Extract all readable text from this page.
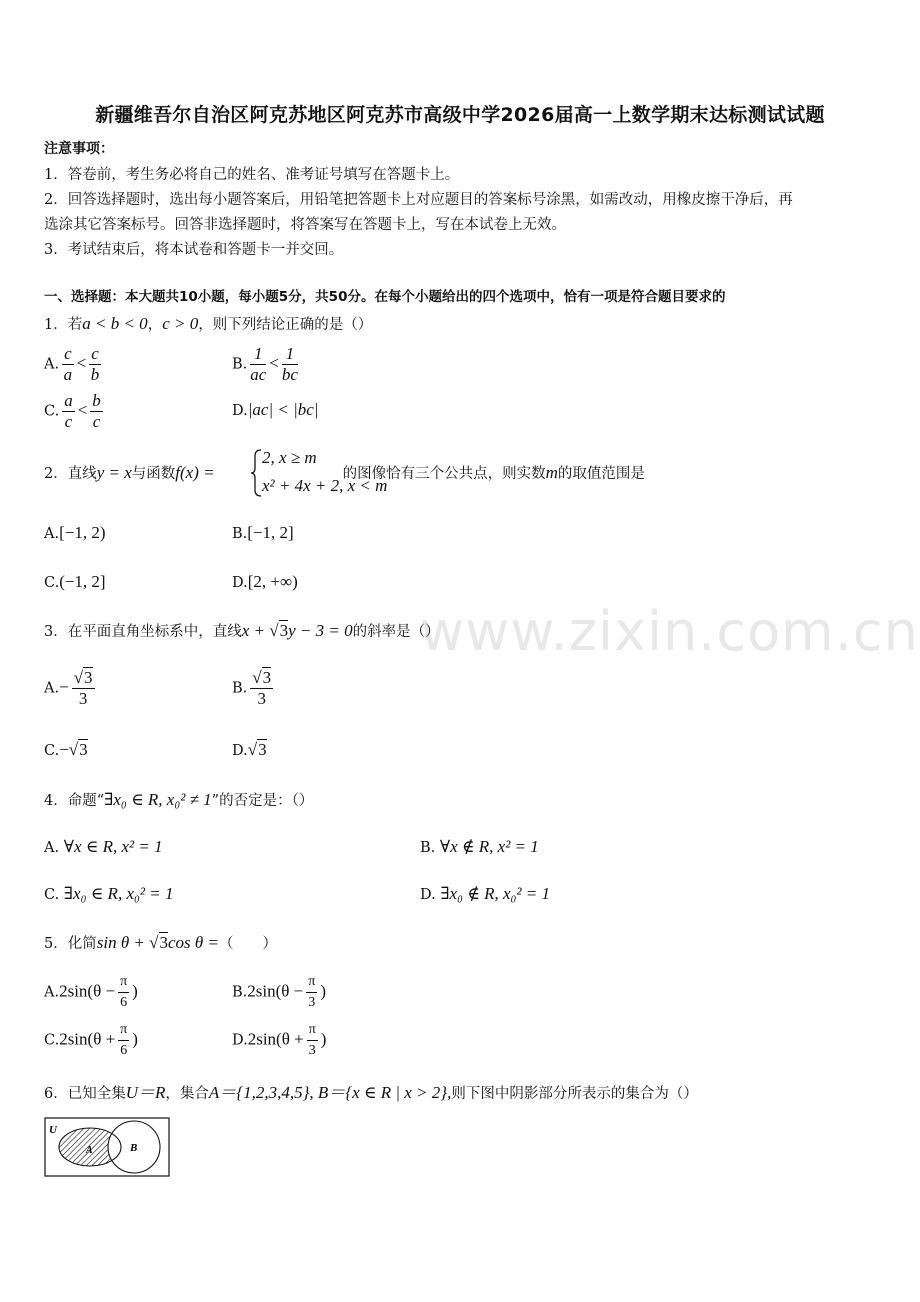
www.zixin.com.cn
新疆维吾尔自治区阿克苏地区阿克苏市高级中学2026届高一上数学期末达标测试试题
注意事项：
1．答卷前，考生务必将自己的姓名、准考证号填写在答题卡上。
2．回答选择题时，选出每小题答案后，用铅笔把答题卡上对应题目的答案标号涂黑，如需改动，用橡皮擦干净后，再
选涂其它答案标号。回答非选择题时，将答案写在答题卡上，写在本试卷上无效。
3．考试结束后，将本试卷和答题卡一并交回。
一、选择题：本大题共10小题，每小题5分，共50分。在每个小题给出的四个选项中，恰有一项是符合题目要求的
1．若a < b < 0，c > 0，则下列结论正确的是（）
A. $\frac{c}{a} < \frac{c}{b}$	B. $\frac{1}{ac} < \frac{1}{bc}$
C. $\frac{a}{c} < \frac{b}{c}$	D.|ac| < |bc|
2．直线y = x与函数f(x) =	的图像恰有三个公共点，则实数m的取值范围是
2, x ≥ m
x² + 4x + 2, x < m
A.[−1, 2)	B.[−1, 2]
C.(−1, 2]	D.[2, +∞)
3．在平面直角坐标系中，直线x + √3y − 3 = 0的斜率是（）
$A.- \frac{√3}{3}$	B. $\frac{√3}{3}$
C.−√3	D.√3
4．命题“∃x₀ ∈ R, x₀² ≠ 1”的否定是：（）
A. ∀x ∈ R, x² = 1	B. ∀x ∉ R, x² = 1
C. ∃x₀ ∈ R, x₀² = 1	D. ∃x₀ ∉ R, x₀² = 1
5．化简sin θ + √3cos θ =（　　）
$A.2\sin(\theta - \frac{\pi}{6}$ )	$B.2\sin(\theta - \frac{\pi}{3}$ )
$C.2\sin(\theta + \frac{\pi}{6}$ )	$D.2\sin(\theta + \frac{\pi}{3}$ )
6．已知全集U＝R，集合A＝{1,2,3,4,5}, B＝{x ∈ R | x > 2},则下图中阴影部分所表示的集合为（）
U
A	B
